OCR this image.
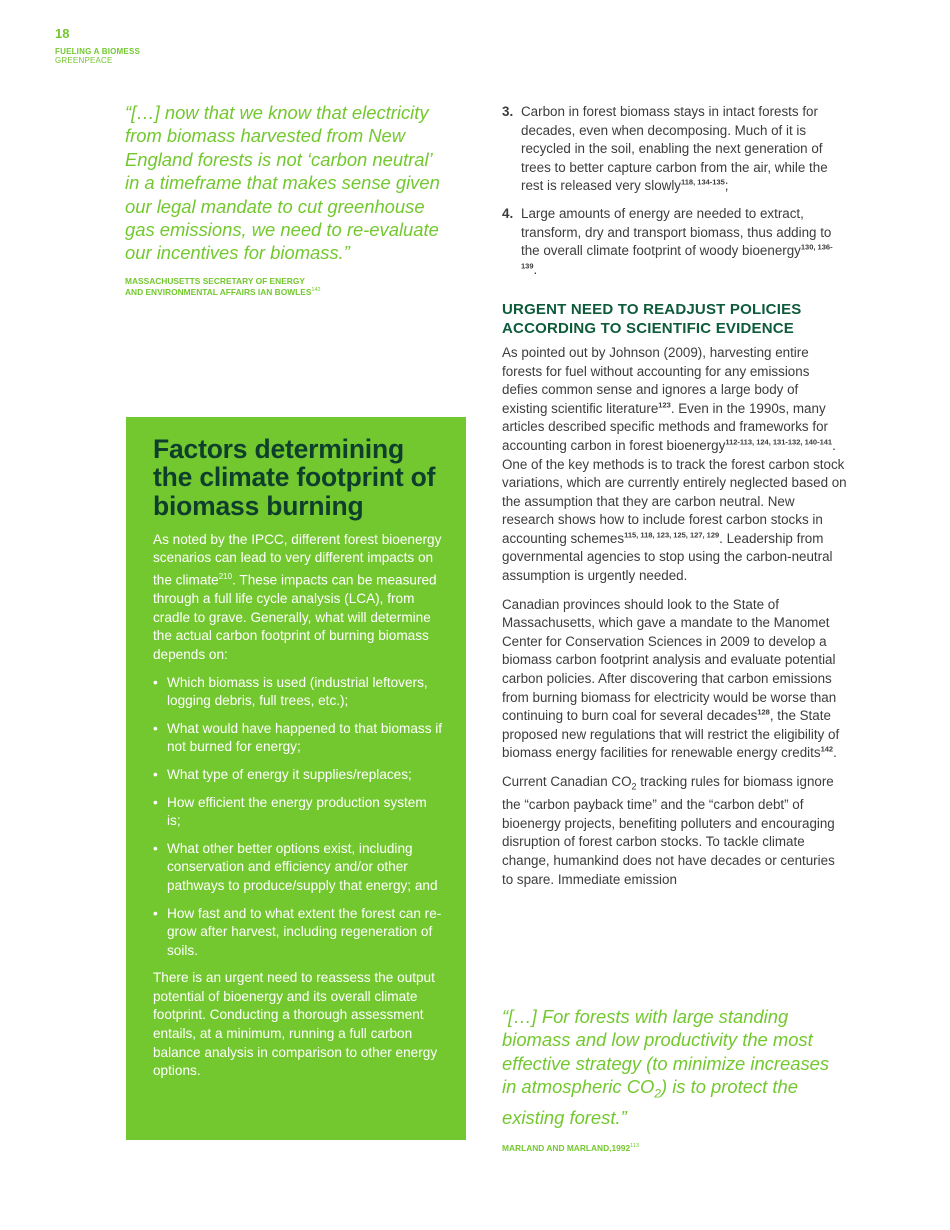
18
FUELING A BIOMESS
GREENPEACE

“[…] now that we know that electricity from biomass harvested from New England forests is not ‘carbon neutral’ in a timeframe that makes sense given our legal mandate to cut greenhouse gas emissions, we need to re-evaluate our incentives for biomass.”

MASSACHUSETTS SECRETARY OF ENERGY
AND ENVIRONMENTAL AFFAIRS IAN BOWLES$^{142}$
Factors determining the climate footprint of biomass burning

As noted by the IPCC, different forest bioenergy scenarios can lead to very different impacts on the climate$^{210}$. These impacts can be measured through a full life cycle analysis (LCA), from cradle to grave. Generally, what will determine the actual carbon footprint of burning biomass depends on:

• Which biomass is used (industrial leftovers, logging debris, full trees, etc.);
• What would have happened to that biomass if not burned for energy;
• What type of energy it supplies/replaces;
• How efficient the energy production system is;
• What other better options exist, including conservation and efficiency and/or other pathways to produce/supply that energy; and
• How fast and to what extent the forest can re-grow after harvest, including regeneration of soils.

There is an urgent need to reassess the output potential of bioenergy and its overall climate footprint. Conducting a thorough assessment entails, at a minimum, running a full carbon balance analysis in comparison to other energy options.

3. Carbon in forest biomass stays in intact forests for decades, even when decomposing. Much of it is recycled in the soil, enabling the next generation of trees to better capture carbon from the air, while the rest is released very slowly$^{118, 134-135}$;
4. Large amounts of energy are needed to extract, transform, dry and transport biomass, thus adding to the overall climate footprint of woody bioenergy$^{130, 136-139}$.
URGENT NEED TO READJUST POLICIES ACCORDING TO SCIENTIFIC EVIDENCE

As pointed out by Johnson (2009), harvesting entire forests for fuel without accounting for any emissions defies common sense and ignores a large body of existing scientific literature$^{123}$. Even in the 1990s, many articles described specific methods and frameworks for accounting carbon in forest bioenergy$^{112-113, 124, 131-132, 140-141}$. One of the key methods is to track the forest carbon stock variations, which are currently entirely neglected based on the assumption that they are carbon neutral. New research shows how to include forest carbon stocks in accounting schemes$^{115, 118, 123, 125, 127, 129}$. Leadership from governmental agencies to stop using the carbon-neutral assumption is urgently needed.

Canadian provinces should look to the State of Massachusetts, which gave a mandate to the Manomet Center for Conservation Sciences in 2009 to develop a biomass carbon footprint analysis and evaluate potential carbon policies. After discovering that carbon emissions from burning biomass for electricity would be worse than continuing to burn coal for several decades$^{128}$, the State proposed new regulations that will restrict the eligibility of biomass energy facilities for renewable energy credits$^{142}$.

Current Canadian $CO_2$ tracking rules for biomass ignore the “carbon payback time” and the “carbon debt” of bioenergy projects, benefiting polluters and encouraging disruption of forest carbon stocks. To tackle climate change, humankind does not have decades or centuries to spare. Immediate emission

“[…] For forests with large standing biomass and low productivity the most effective strategy (to minimize increases in atmospheric $CO_2$) is to protect the existing forest.”

MARLAND AND MARLAND,1992$^{113}$
